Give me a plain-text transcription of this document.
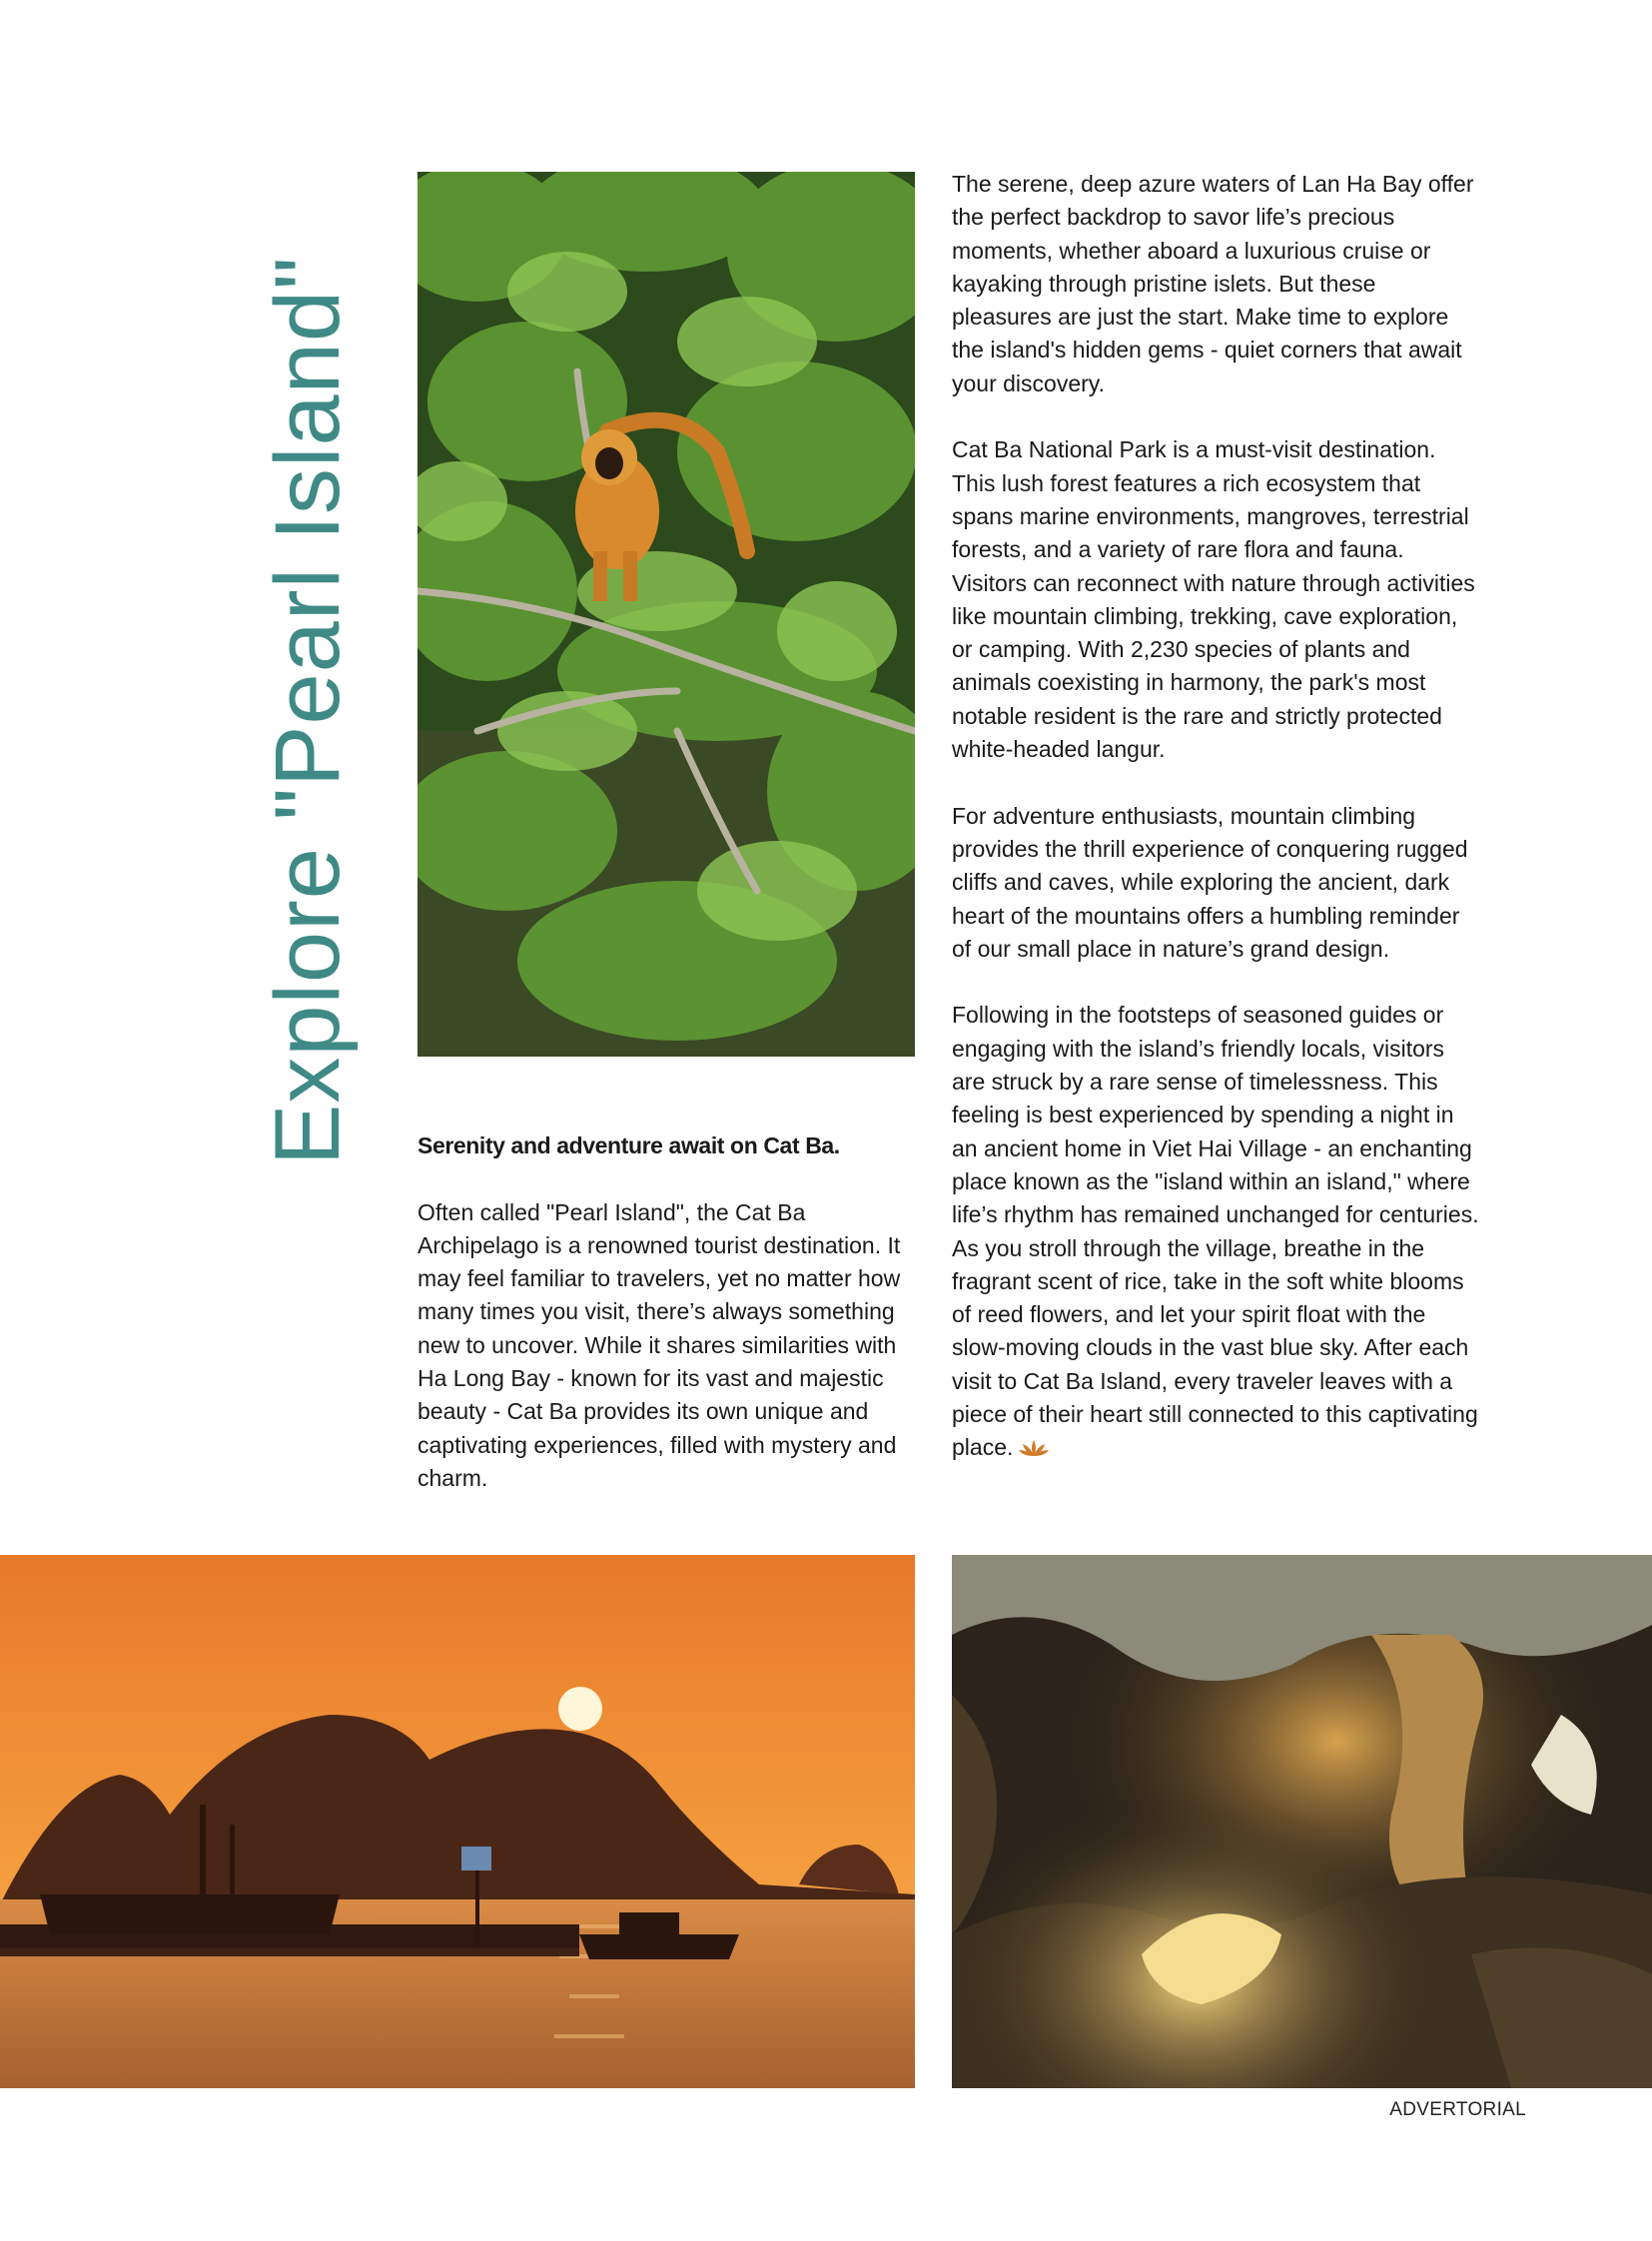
Explore "Pearl Island"	Serenity and adventure await on Cat Ba.

Often called "Pearl Island", the Cat Ba Archipelago is a renowned tourist destination. It may feel familiar to travelers, yet no matter how many times you visit, there’s always something new to uncover. While it shares similarities with Ha Long Bay - known for its vast and majestic beauty - Cat Ba provides its own unique and captivating experiences, filled with mystery and charm.

The serene, deep azure waters of Lan Ha Bay offer the perfect backdrop to savor life’s precious moments, whether aboard a luxurious cruise or kayaking through pristine islets. But these pleasures are just the start. Make time to explore the island's hidden gems - quiet corners that await your discovery.

Cat Ba National Park is a must-visit destination. This lush forest features a rich ecosystem that spans marine environments, mangroves, terrestrial forests, and a variety of rare flora and fauna. Visitors can reconnect with nature through activities like mountain climbing, trekking, cave exploration, or camping. With 2,230 species of plants and animals coexisting in harmony, the park's most notable resident is the rare and strictly protected white-headed langur.

For adventure enthusiasts, mountain climbing provides the thrill experience of conquering rugged cliffs and caves, while exploring the ancient, dark heart of the mountains offers a humbling reminder of our small place in nature’s grand design.

Following in the footsteps of seasoned guides or engaging with the island’s friendly locals, visitors are struck by a rare sense of timelessness. This feeling is best experienced by spending a night in an ancient home in Viet Hai Village - an enchanting place known as the "island within an island," where life’s rhythm has remained unchanged for centuries. As you stroll through the village, breathe in the fragrant scent of rice, take in the soft white blooms of reed flowers, and let your spirit float with the slow-moving clouds in the vast blue sky. After each visit to Cat Ba Island, every traveler leaves with a piece of their heart still connected to this captivating place.

ADVERTORIAL
